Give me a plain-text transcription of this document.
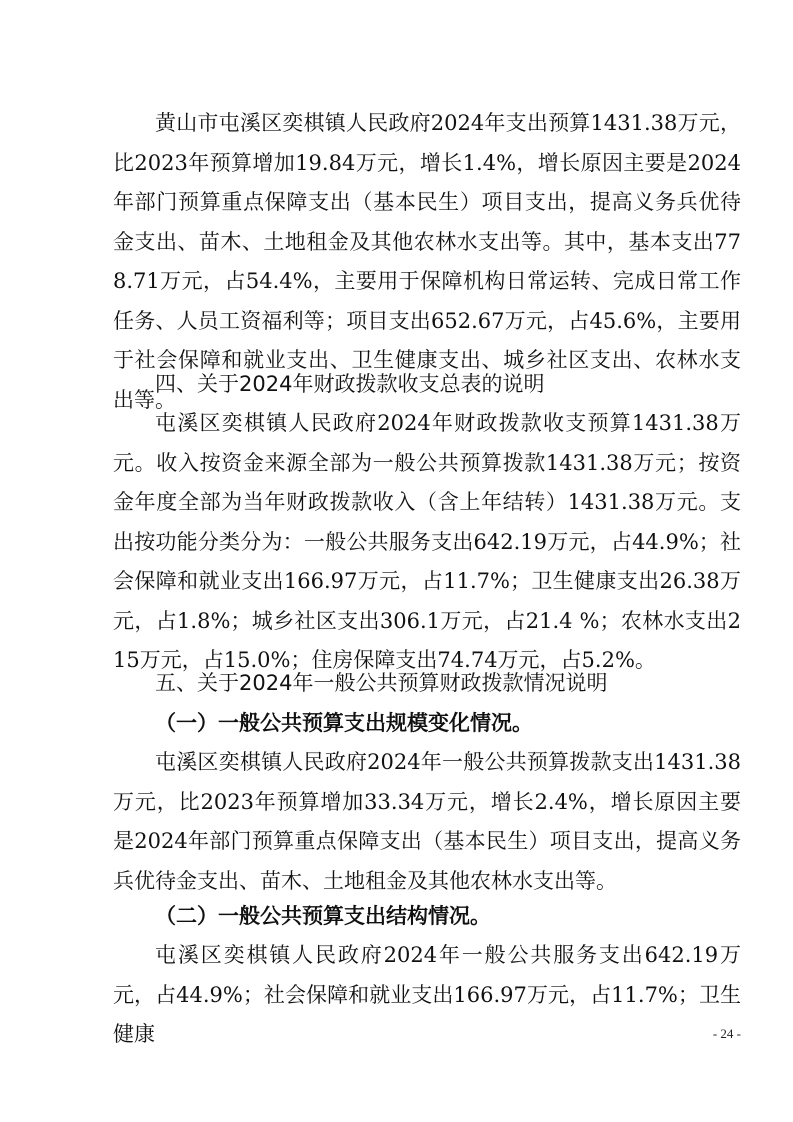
黄山市屯溪区奕棋镇人民政府2024年支出预算1431.38万元，比2023年预算增加19.84万元，增长1.4%，增长原因主要是2024年部门预算重点保障支出（基本民生）项目支出，提高义务兵优待金支出、苗木、土地租金及其他农林水支出等。其中，基本支出778.71万元，占54.4%，主要用于保障机构日常运转、完成日常工作任务、人员工资福利等；项目支出652.67万元，占45.6%，主要用于社会保障和就业支出、卫生健康支出、城乡社区支出、农林水支出等。

四、关于2024年财政拨款收支总表的说明

屯溪区奕棋镇人民政府2024年财政拨款收支预算1431.38万元。收入按资金来源全部为一般公共预算拨款1431.38万元；按资金年度全部为当年财政拨款收入（含上年结转）1431.38万元。支出按功能分类分为：一般公共服务支出642.19万元，占44.9%；社会保障和就业支出166.97万元，占11.7%；卫生健康支出26.38万元，占1.8%；城乡社区支出306.1万元，占21.4 %；农林水支出215万元，占15.0%；住房保障支出74.74万元，占5.2%。

五、关于2024年一般公共预算财政拨款情况说明

（一）一般公共预算支出规模变化情况。

屯溪区奕棋镇人民政府2024年一般公共预算拨款支出1431.38万元，比2023年预算增加33.34万元，增长2.4%，增长原因主要是2024年部门预算重点保障支出（基本民生）项目支出，提高义务兵优待金支出、苗木、土地租金及其他农林水支出等。

（二）一般公共预算支出结构情况。

屯溪区奕棋镇人民政府2024年一般公共服务支出642.19万元，占44.9%；社会保障和就业支出166.97万元，占11.7%；卫生健康	- 24 -
